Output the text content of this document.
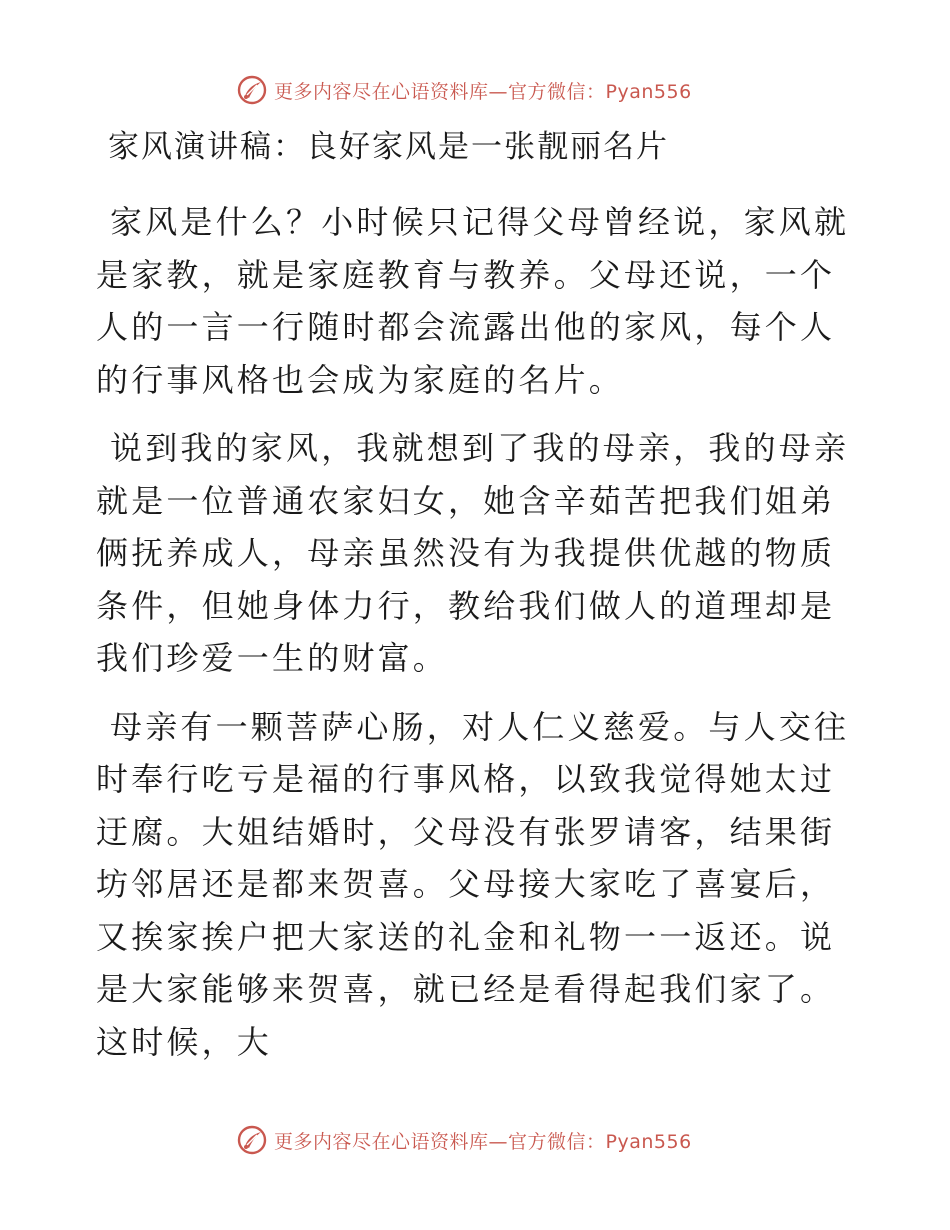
更多内容尽在心语资料库—官方微信：Pyan556
家风演讲稿：良好家风是一张靓丽名片

家风是什么？小时候只记得父母曾经说，家风就是家教，就是家庭教育与教养。父母还说，一个人的一言一行随时都会流露出他的家风，每个人的行事风格也会成为家庭的名片。

说到我的家风，我就想到了我的母亲，我的母亲就是一位普通农家妇女，她含辛茹苦把我们姐弟俩抚养成人，母亲虽然没有为我提供优越的物质条件，但她身体力行，教给我们做人的道理却是我们珍爱一生的财富。

母亲有一颗菩萨心肠，对人仁义慈爱。与人交往时奉行吃亏是福的行事风格，以致我觉得她太过迂腐。大姐结婚时，父母没有张罗请客，结果街坊邻居还是都来贺喜。父母接大家吃了喜宴后，又挨家挨户把大家送的礼金和礼物一一返还。说是大家能够来贺喜，就已经是看得起我们家了。这时候，大

更多内容尽在心语资料库—官方微信：Pyan556
